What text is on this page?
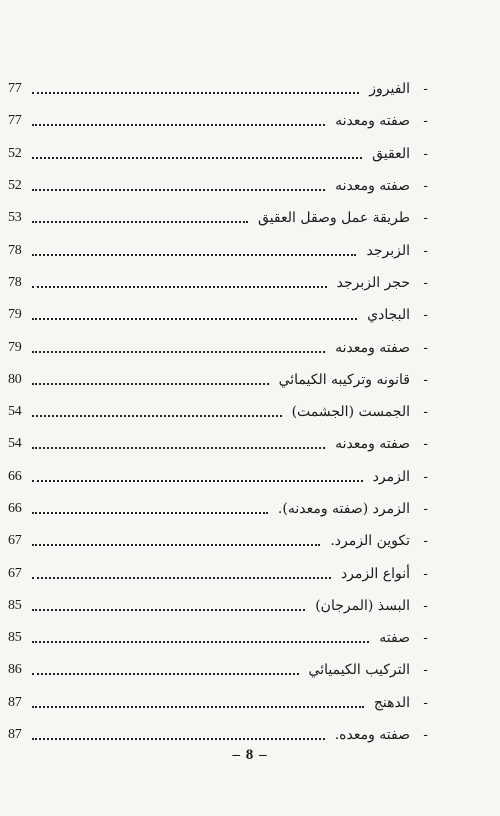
77	الفيروز -
77	صفته ومعدنه -
52	العقيق -
52	صفته ومعدنه -
53	طريقة عمل وصقل العقيق -
78	الزبرجد -
78	حجر الزبرجد -
79	البجادي -
79	صفته ومعدنه -
80	قانونه وتركيبه الكيمائي -
54	الجمست (الجشمت) -
54	صفته ومعدنه -
66	الزمرد -
66	الزمرد (صفته ومعدنه). -
67	تكوين الزمرد. -
67	أنواع الزمرد -
85	البسذ (المرجان) -
85	صفته -
86	التركيب الكيميائي -
87	الدهنج -
87	صفته ومعده. -
– 8 –
